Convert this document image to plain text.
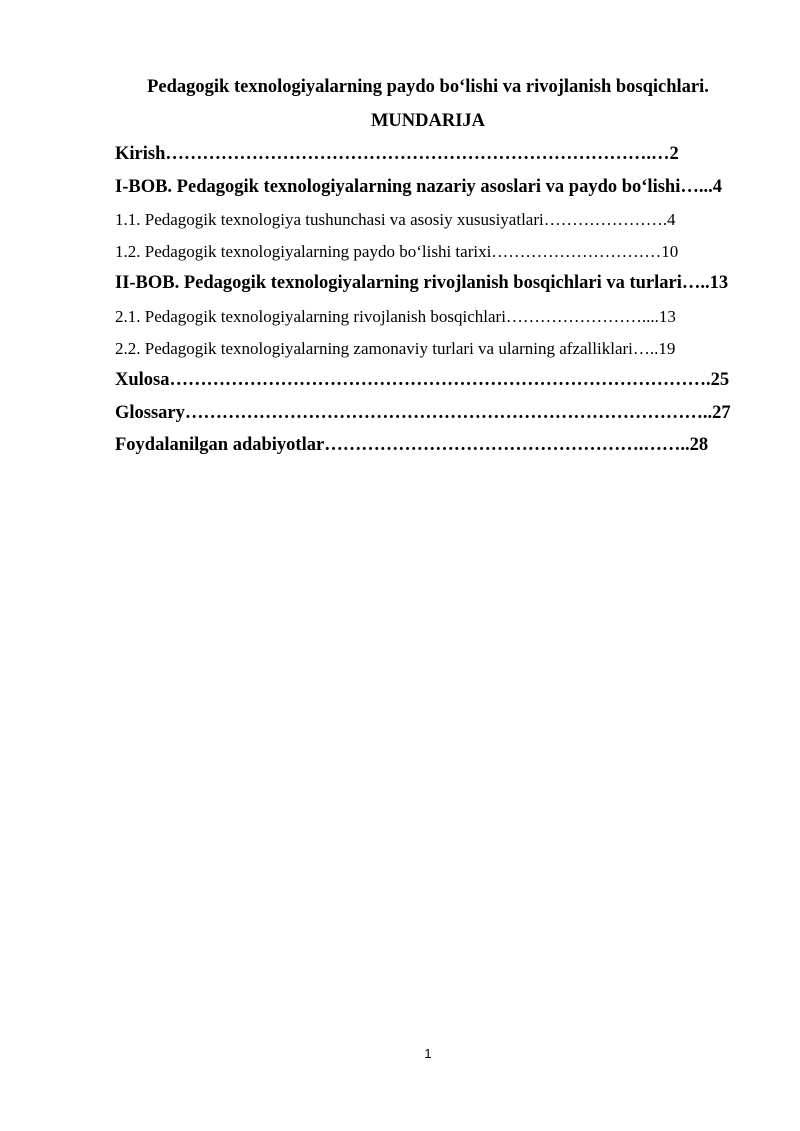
Pedagogik texnologiyalarning paydo bo‘lishi va rivojlanish bosqichlari.
MUNDARIJA
Kirish…………………………………………………………………….…2
I-BOB. Pedagogik texnologiyalarning nazariy asoslari va paydo bo‘lishi…...4
1.1. Pedagogik texnologiya tushunchasi va asosiy xususiyatlari………………….4
1.2. Pedagogik texnologiyalarning paydo bo‘lishi tarixi…………………………10
II-BOB. Pedagogik texnologiyalarning rivojlanish bosqichlari va turlari…..13
2.1. Pedagogik texnologiyalarning rivojlanish bosqichlari……………………....13
2.2. Pedagogik texnologiyalarning zamonaviy turlari va ularning afzalliklari…..19
Xulosa…………………………………………………………………………….25
Glossary…………………………………………………………………………..27
Foydalanilgan adabiyotlar…………………………………………….……..28
1
